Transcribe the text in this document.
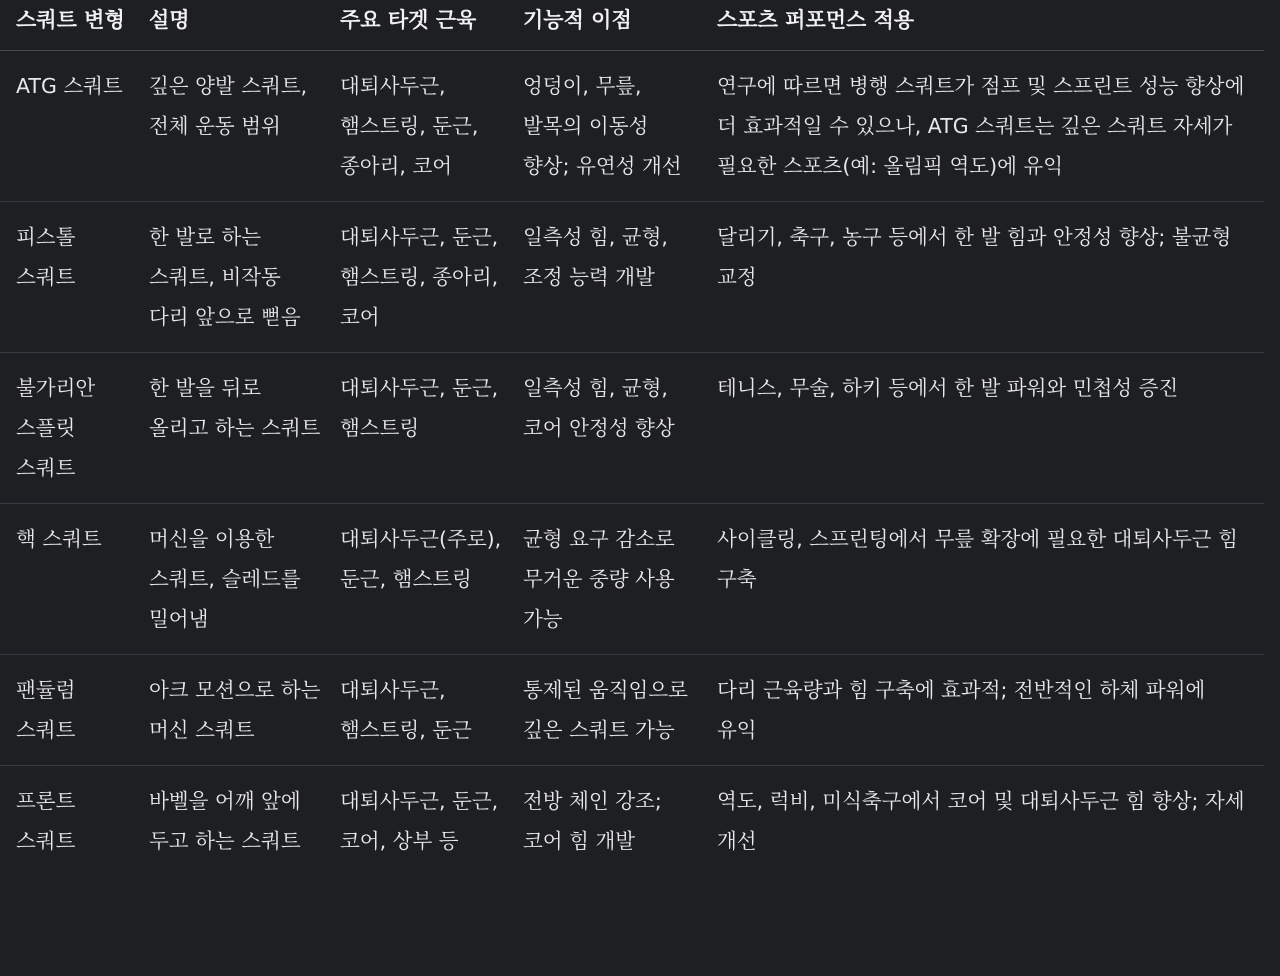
스쿼트 변형	설명	주요 타겟 근육	기능적 이점	스포츠 퍼포먼스 적용
ATG 스쿼트	깊은 양발 스쿼트, 전체 운동 범위	대퇴사두근, 햄스트링, 둔근, 종아리, 코어	엉덩이, 무릎, 발목의 이동성 향상; 유연성 개선	연구에 따르면 병행 스쿼트가 점프 및 스프린트 성능 향상에 더 효과적일 수 있으나, ATG 스쿼트는 깊은 스쿼트 자세가 필요한 스포츠(예: 올림픽 역도)에 유익
피스톨 스쿼트	한 발로 하는 스쿼트, 비작동 다리 앞으로 뻗음	대퇴사두근, 둔근, 햄스트링, 종아리, 코어	일측성 힘, 균형, 조정 능력 개발	달리기, 축구, 농구 등에서 한 발 힘과 안정성 향상; 불균형 교정
불가리안 스플릿 스쿼트	한 발을 뒤로 올리고 하는 스쿼트	대퇴사두근, 둔근, 햄스트링	일측성 힘, 균형, 코어 안정성 향상	테니스, 무술, 하키 등에서 한 발 파워와 민첩성 증진
핵 스쿼트	머신을 이용한 스쿼트, 슬레드를 밀어냄	대퇴사두근(주로), 둔근, 햄스트링	균형 요구 감소로 무거운 중량 사용 가능	사이클링, 스프린팅에서 무릎 확장에 필요한 대퇴사두근 힘 구축
팬듈럼 스쿼트	아크 모션으로 하는 머신 스쿼트	대퇴사두근, 햄스트링, 둔근	통제된 움직임으로 깊은 스쿼트 가능	다리 근육량과 힘 구축에 효과적; 전반적인 하체 파워에 유익
프론트 스쿼트	바벨을 어깨 앞에 두고 하는 스쿼트	대퇴사두근, 둔근, 코어, 상부 등	전방 체인 강조; 코어 힘 개발	역도, 럭비, 미식축구에서 코어 및 대퇴사두근 힘 향상; 자세 개선
